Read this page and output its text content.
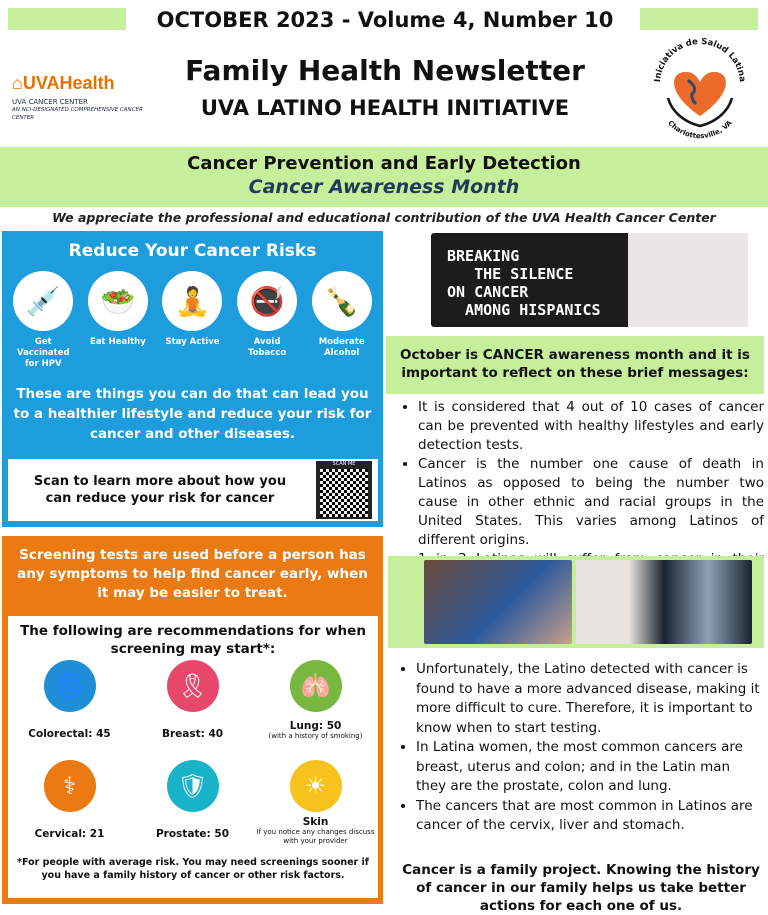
OCTOBER 2023 - Volume 4, Number 10
Family Health Newsletter
UVA LATINO HEALTH INITIATIVE
⌂UVAHealth
UVA CANCER CENTER
AN NCI-DESIGNATED COMPREHENSIVE CANCER CENTER
Iniciativa de Salud Latina
Charlottesville, VA
Cancer Prevention and Early Detection
Cancer Awareness Month
We appreciate the professional and educational contribution of the UVA Health Cancer Center
Reduce Your Cancer Risks
💉
Get Vaccinated for HPV
🥗
Eat Healthy
🧘
Stay Active
🚭
Avoid Tobacco
🍾
Moderate Alcohol
These are things you can do that can lead you to a healthier lifestyle and reduce your risk for cancer and other diseases.
Scan to learn more about how you can reduce your risk for cancer
SCAN ME
Screening tests are used before a person has any symptoms to help find cancer early, when it may be easier to treat.
The following are recommendations for when screening may start*:
🌀
Colorectal: 45
🎗
Breast: 40
🫁
Lung: 50
(with a history of smoking)
⚕
Cervical: 21
🛡
Prostate: 50
☀
Skin
If you notice any changes discuss with your provider
*For people with average risk. You may need screenings sooner if you have a family history of cancer or other risk factors.
BREAKING
THE SILENCE
ON CANCER
AMONG HISPANICS
October is CANCER awareness month and it is important to reflect on these brief messages:
• It is considered that 4 out of 10 cases of cancer can be prevented with healthy lifestyles and early detection tests.
• Cancer is the number one cause of death in Latinos as opposed to being the number two cause in other ethnic and racial groups in the United States. This varies among Latinos of different origins.
•
• Unfortunately, the Latino detected with cancer is found to have a more advanced disease, making it more difficult to cure. Therefore, it is important to know when to start testing.
• In Latina women, the most common cancers are breast, uterus and colon; and in the Latin man they are the prostate, colon and lung.
• The cancers that are most common in Latinos are cancer of the cervix, liver and stomach.
Cancer is a family project. Knowing the history of cancer in our family helps us take better actions for each one of us.
